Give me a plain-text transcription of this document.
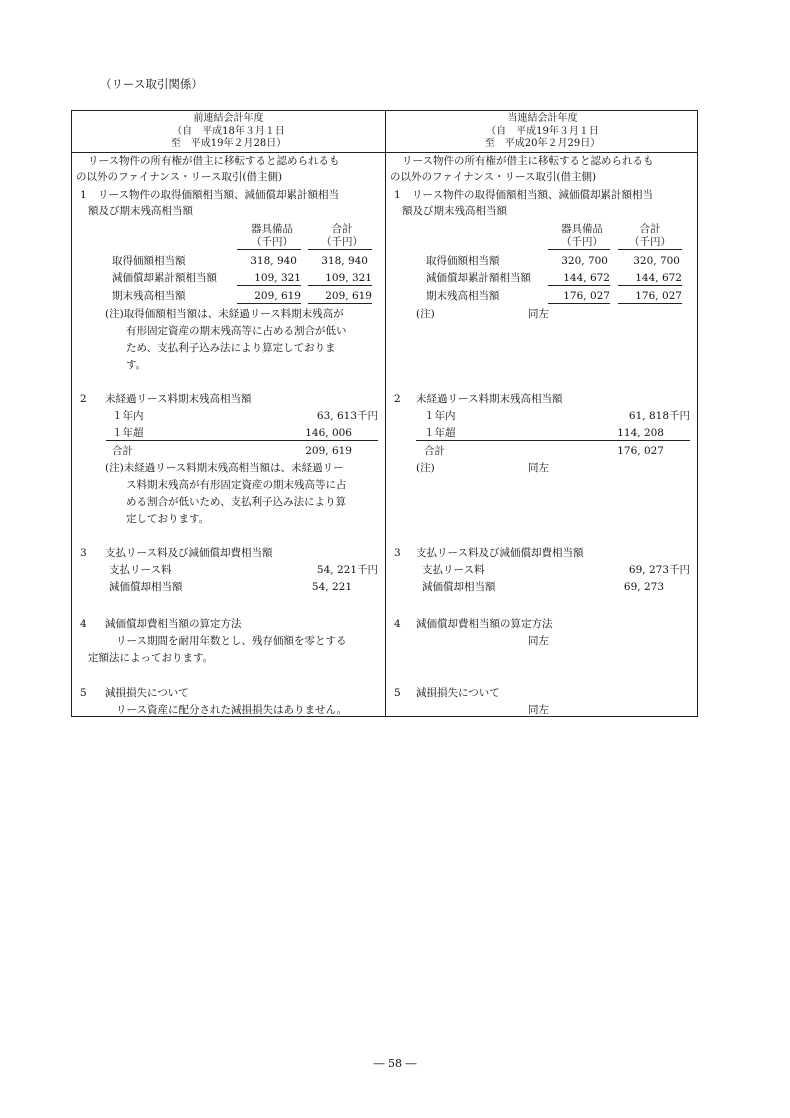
（リース取引関係）
前連結会計年度
（自　平成18年３月１日
至　平成19年２月28日）
当連結会計年度
（自　平成19年３月１日
至　平成20年２月29日）
リース物件の所有権が借主に移転すると認められるも
の以外のファイナンス・リース取引(借主側)
1 リース物件の取得価額相当額、減価償却累計額相当
額及び期末残高相当額
器具備品
（千円）
合計
（千円）
取得価額相当額	318, 940	318, 940
減価償却累計額相当額	109, 321	109, 321
期末残高相当額	209, 619	209, 619
(注)取得価額相当額は、未経過リース料期末残高が
有形固定資産の期末残高等に占める割合が低い
ため、支払利子込み法により算定しておりま
す。
2 未経過リース料期末残高相当額
１年内	63, 613千円
１年超	146, 006
合計	209, 619
(注)未経過リース料期末残高相当額は、未経過リー
ス料期末残高が有形固定資産の期末残高等に占
める割合が低いため、支払利子込み法により算
定しております。
3 支払リース料及び減価償却費相当額
支払リース料	54, 221千円
減価償却相当額	54, 221
4 減価償却費相当額の算定方法
リース期間を耐用年数とし、残存価額を零とする
定額法によっております。
5 減損損失について
リース資産に配分された減損損失はありません。
リース物件の所有権が借主に移転すると認められるも
の以外のファイナンス・リース取引(借主側)
1 リース物件の取得価額相当額、減価償却累計額相当
額及び期末残高相当額
器具備品
（千円）
合計
（千円）
取得価額相当額	320, 700	320, 700
減価償却累計額相当額	144, 672	144, 672
期末残高相当額	176, 027	176, 027
(注)	同左
2 未経過リース料期末残高相当額
１年内	61, 818千円
１年超	114, 208
合計	176, 027
(注)	同左
3 支払リース料及び減価償却費相当額
支払リース料	69, 273千円
減価償却相当額	69, 273
4 減価償却費相当額の算定方法
同左
5 減損損失について
同左
― 58 ―
